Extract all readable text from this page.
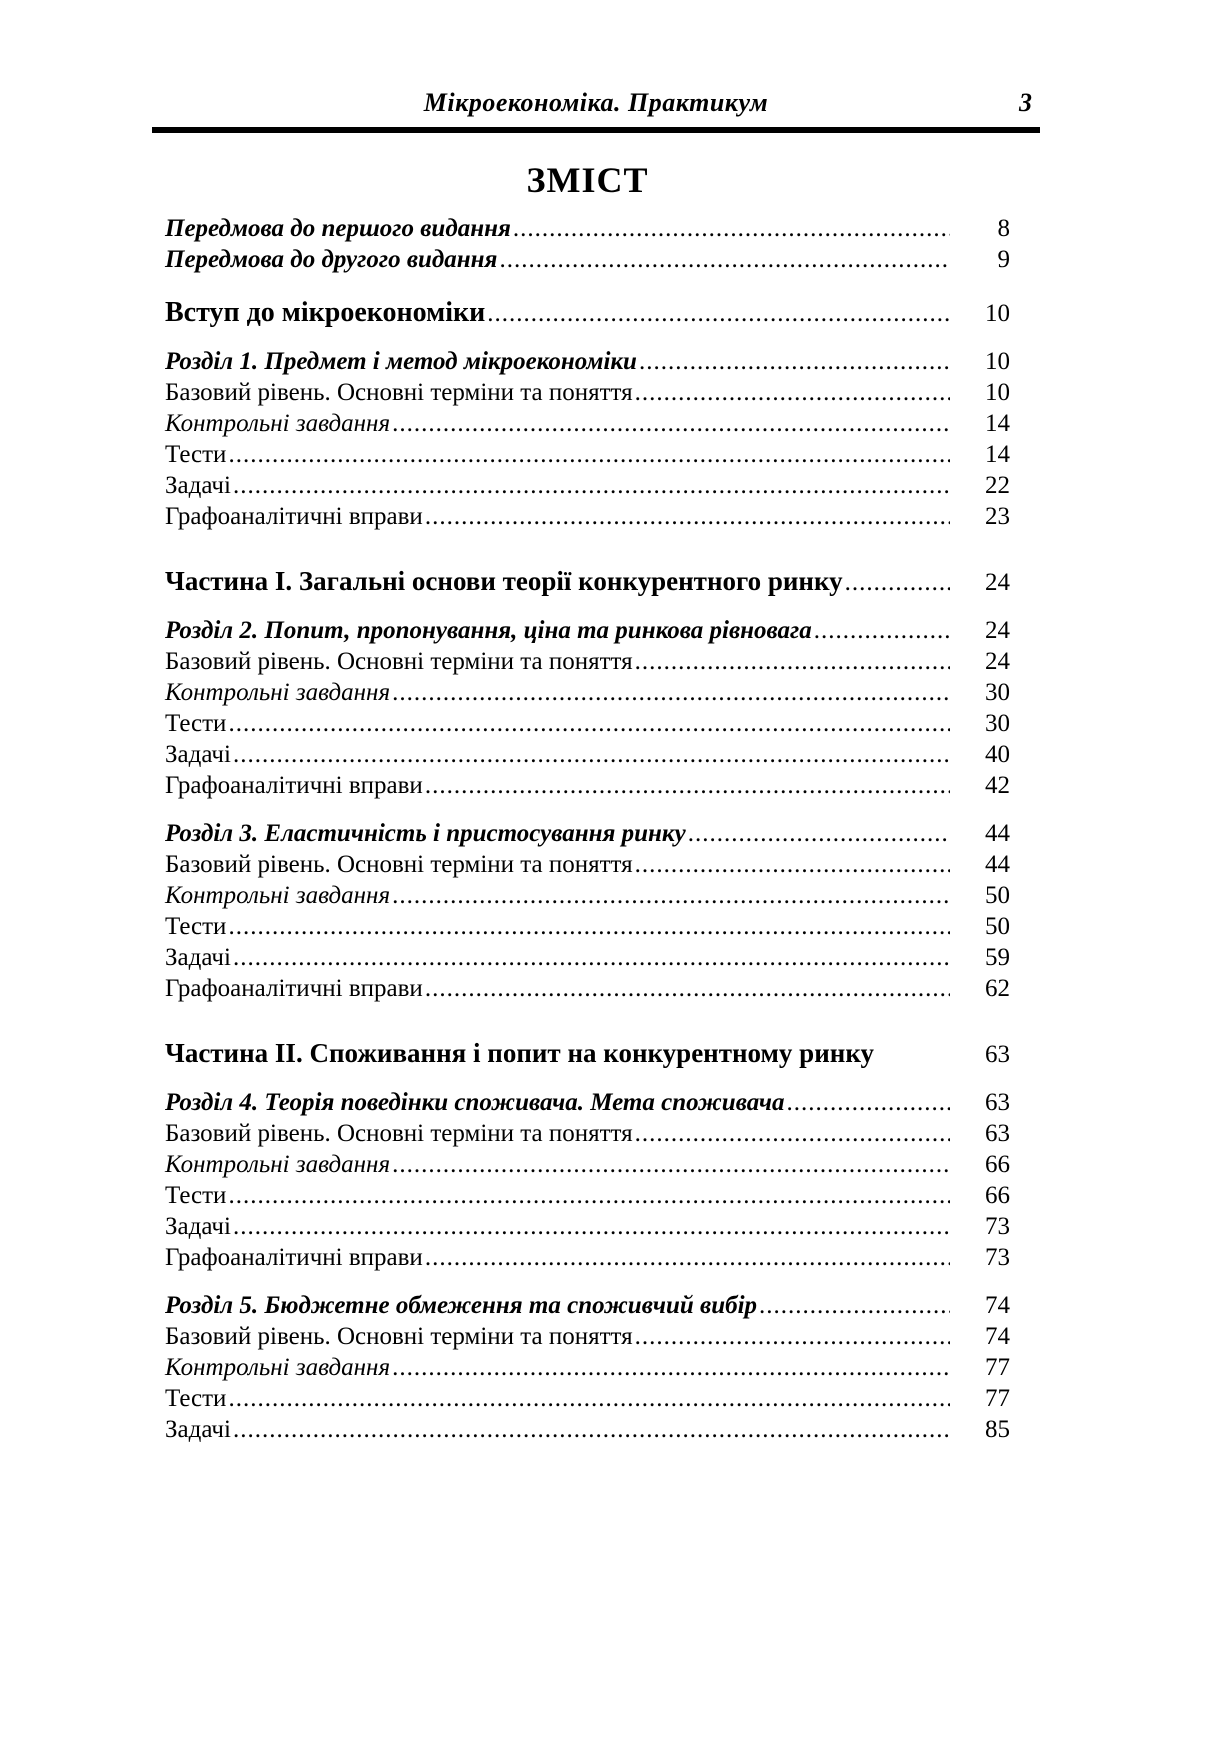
Мікроекономіка. Практикум	3
ЗМІСТ
Передмова до першого видання .....	8
Передмова до другого видання .....	9
Вступ до мікроекономіки .....	10
Розділ 1. Предмет і метод мікроекономіки .....	10
Базовий рівень. Основні терміни та поняття .....	10
Контрольні завдання .....	14
Тести .....	14
Задачі .....	22
Графоаналітичні вправи .....	23
Частина I. Загальні основи теорії конкурентного ринку .....	24
Розділ 2. Попит, пропонування, ціна та ринкова рівновага .....	24
Базовий рівень. Основні терміни та поняття .....	24
Контрольні завдання .....	30
Тести .....	30
Задачі .....	40
Графоаналітичні вправи .....	42
Розділ 3. Еластичність і пристосування ринку .....	44
Базовий рівень. Основні терміни та поняття .....	44
Контрольні завдання .....	50
Тести .....	50
Задачі .....	59
Графоаналітичні вправи .....	62
Частина II. Споживання і попит на конкурентному ринку	63
Розділ 4. Теорія поведінки споживача. Мета споживача .....	63
Базовий рівень. Основні терміни та поняття .....	63
Контрольні завдання .....	66
Тести .....	66
Задачі .....	73
Графоаналітичні вправи .....	73
Розділ 5. Бюджетне обмеження та споживчий вибір .....	74
Базовий рівень. Основні терміни та поняття .....	74
Контрольні завдання .....	77
Тести .....	77
Задачі .....	85
